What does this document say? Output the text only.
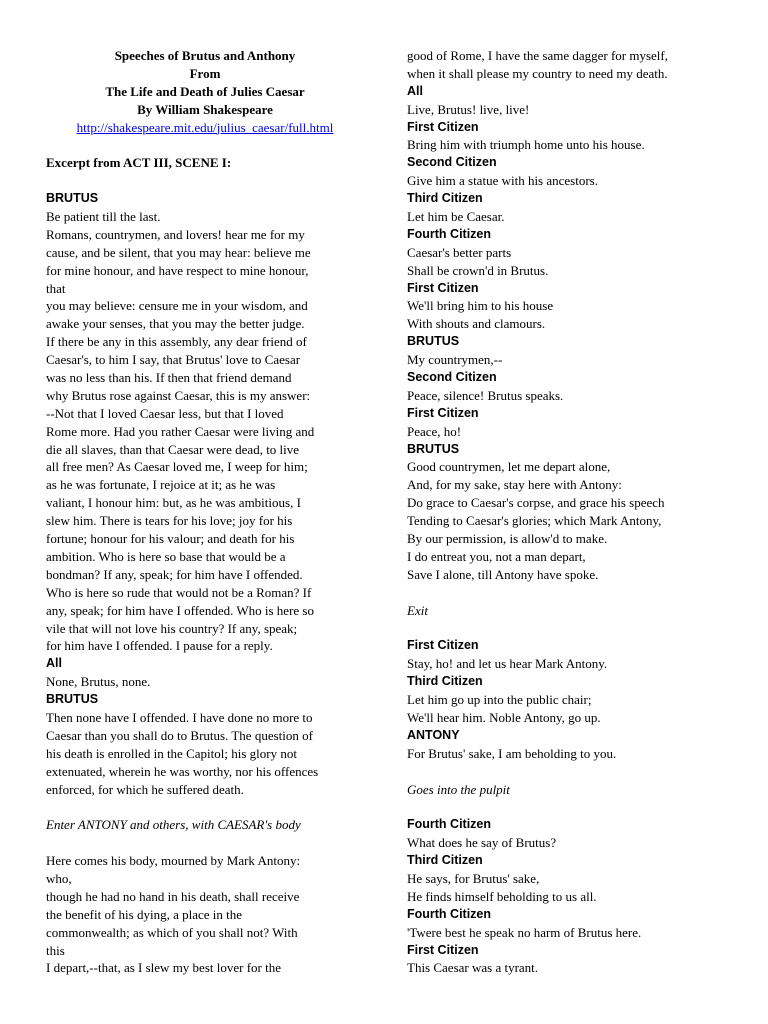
Speeches of Brutus and Anthony
From
The Life and Death of Julies Caesar
By William Shakespeare
http://shakespeare.mit.edu/julius_caesar/full.html
Excerpt from ACT III, SCENE I:
BRUTUS
Be patient till the last.
Romans, countrymen, and lovers! hear me for my
cause, and be silent, that you may hear: believe me
for mine honour, and have respect to mine honour,
that
you may believe: censure me in your wisdom, and
awake your senses, that you may the better judge.
If there be any in this assembly, any dear friend of
Caesar's, to him I say, that Brutus' love to Caesar
was no less than his. If then that friend demand
why Brutus rose against Caesar, this is my answer:
--Not that I loved Caesar less, but that I loved
Rome more. Had you rather Caesar were living and
die all slaves, than that Caesar were dead, to live
all free men? As Caesar loved me, I weep for him;
as he was fortunate, I rejoice at it; as he was
valiant, I honour him: but, as he was ambitious, I
slew him. There is tears for his love; joy for his
fortune; honour for his valour; and death for his
ambition. Who is here so base that would be a
bondman? If any, speak; for him have I offended.
Who is here so rude that would not be a Roman? If
any, speak; for him have I offended. Who is here so
vile that will not love his country? If any, speak;
for him have I offended. I pause for a reply.
All
None, Brutus, none.
BRUTUS
Then none have I offended. I have done no more to
Caesar than you shall do to Brutus. The question of
his death is enrolled in the Capitol; his glory not
extenuated, wherein he was worthy, nor his offences
enforced, for which he suffered death.
Enter ANTONY and others, with CAESAR's body
Here comes his body, mourned by Mark Antony:
who,
though he had no hand in his death, shall receive
the benefit of his dying, a place in the
commonwealth; as which of you shall not? With
this
I depart,--that, as I slew my best lover for the
good of Rome, I have the same dagger for myself,
when it shall please my country to need my death.
All
Live, Brutus! live, live!
First Citizen
Bring him with triumph home unto his house.
Second Citizen
Give him a statue with his ancestors.
Third Citizen
Let him be Caesar.
Fourth Citizen
Caesar's better parts
Shall be crown'd in Brutus.
First Citizen
We'll bring him to his house
With shouts and clamours.
BRUTUS
My countrymen,--
Second Citizen
Peace, silence! Brutus speaks.
First Citizen
Peace, ho!
BRUTUS
Good countrymen, let me depart alone,
And, for my sake, stay here with Antony:
Do grace to Caesar's corpse, and grace his speech
Tending to Caesar's glories; which Mark Antony,
By our permission, is allow'd to make.
I do entreat you, not a man depart,
Save I alone, till Antony have spoke.
Exit
First Citizen
Stay, ho! and let us hear Mark Antony.
Third Citizen
Let him go up into the public chair;
We'll hear him. Noble Antony, go up.
ANTONY
For Brutus' sake, I am beholding to you.
Goes into the pulpit
Fourth Citizen
What does he say of Brutus?
Third Citizen
He says, for Brutus' sake,
He finds himself beholding to us all.
Fourth Citizen
'Twere best he speak no harm of Brutus here.
First Citizen
This Caesar was a tyrant.
